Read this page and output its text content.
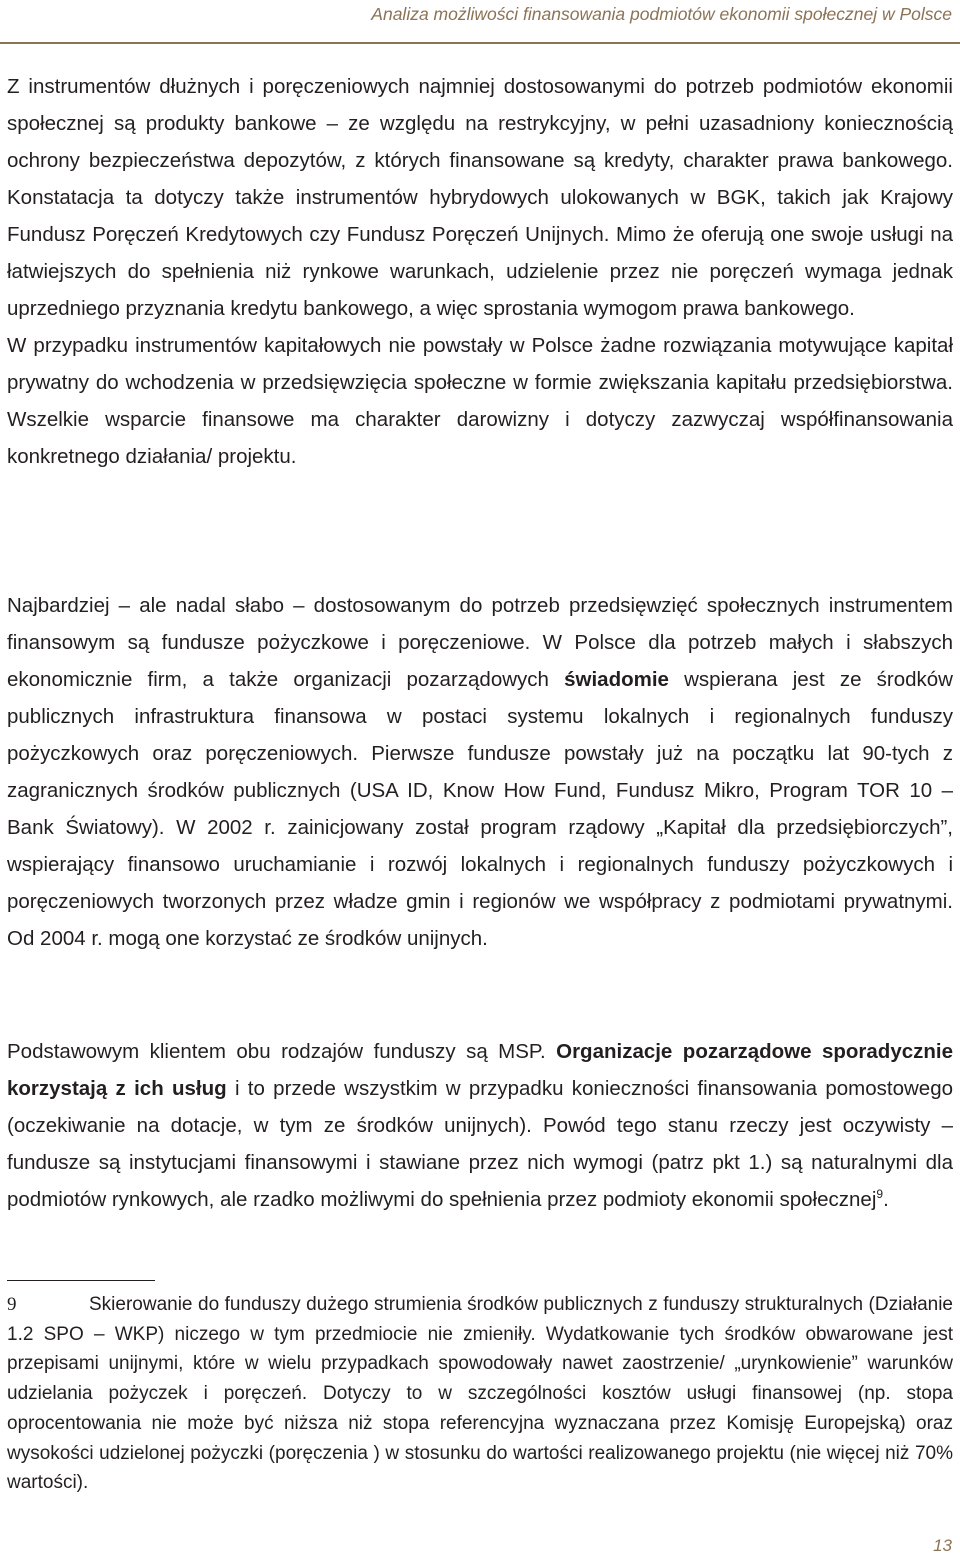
Analiza możliwości finansowania podmiotów ekonomii społecznej w Polsce

Z instrumentów dłużnych i poręczeniowych najmniej dostosowanymi do potrzeb podmiotów ekonomii społecznej są produkty bankowe – ze względu na restrykcyjny, w pełni uzasadniony koniecznością ochrony bezpieczeństwa depozytów, z których finansowane są kredyty, charakter prawa bankowego. Konstatacja ta dotyczy także instrumentów hybrydowych ulokowanych w BGK, takich jak Krajowy Fundusz Poręczeń Kredytowych czy Fundusz Poręczeń Unijnych. Mimo że oferują one swoje usługi na łatwiejszych do spełnienia niż rynkowe warunkach, udzielenie przez nie poręczeń wymaga jednak uprzedniego przyznania kredytu bankowego, a więc sprostania wymogom prawa bankowego.

W przypadku instrumentów kapitałowych nie powstały w Polsce żadne rozwiązania motywujące kapitał prywatny do wchodzenia w przedsięwzięcia społeczne w formie zwiększania kapitału przedsiębiorstwa. Wszelkie wsparcie finansowe ma charakter darowizny i dotyczy zazwyczaj współfinansowania konkretnego działania/ projektu.

Najbardziej – ale nadal słabo – dostosowanym do potrzeb przedsięwzięć społecznych instrumentem finansowym są fundusze pożyczkowe i poręczeniowe. W Polsce dla potrzeb małych i słabszych ekonomicznie firm, a także organizacji pozarządowych świadomie wspierana jest ze środków publicznych infrastruktura finansowa w postaci systemu lokalnych i regionalnych funduszy pożyczkowych oraz poręczeniowych. Pierwsze fundusze powstały już na początku lat 90-tych z zagranicznych środków publicznych (USA ID, Know How Fund, Fundusz Mikro, Program TOR 10 – Bank Światowy). W 2002 r. zainicjowany został program rządowy „Kapitał dla przedsiębiorczych”, wspierający finansowo uruchamianie i rozwój lokalnych i regionalnych funduszy pożyczkowych i poręczeniowych tworzonych przez władze gmin i regionów we współpracy z podmiotami prywatnymi. Od 2004 r. mogą one korzystać ze środków unijnych.

Podstawowym klientem obu rodzajów funduszy są MSP. Organizacje pozarządowe sporadycznie korzystają z ich usług i to przede wszystkim w przypadku konieczności finansowania pomostowego (oczekiwanie na dotacje, w tym ze środków unijnych). Powód tego stanu rzeczy jest oczywisty – fundusze są instytucjami finansowymi i stawiane przez nich wymogi (patrz pkt 1.) są naturalnymi dla podmiotów rynkowych, ale rzadko możliwymi do spełnienia przez podmioty ekonomii społecznej$^9$.

9	Skierowanie do funduszy dużego strumienia środków publicznych z funduszy strukturalnych (Działanie 1.2 SPO – WKP) niczego w tym przedmiocie nie zmieniły. Wydatkowanie tych środków obwarowane jest przepisami unijnymi, które w wielu przypadkach spowodowały nawet zaostrzenie/ „urynkowienie” warunków udzielania pożyczek i poręczeń. Dotyczy to w szczególności kosztów usługi finansowej (np. stopa oprocentowania nie może być niższa niż stopa referencyjna wyznaczana przez Komisję Europejską) oraz wysokości udzielonej pożyczki (poręczenia ) w stosunku do wartości realizowanego projektu (nie więcej niż 70% wartości).
13
